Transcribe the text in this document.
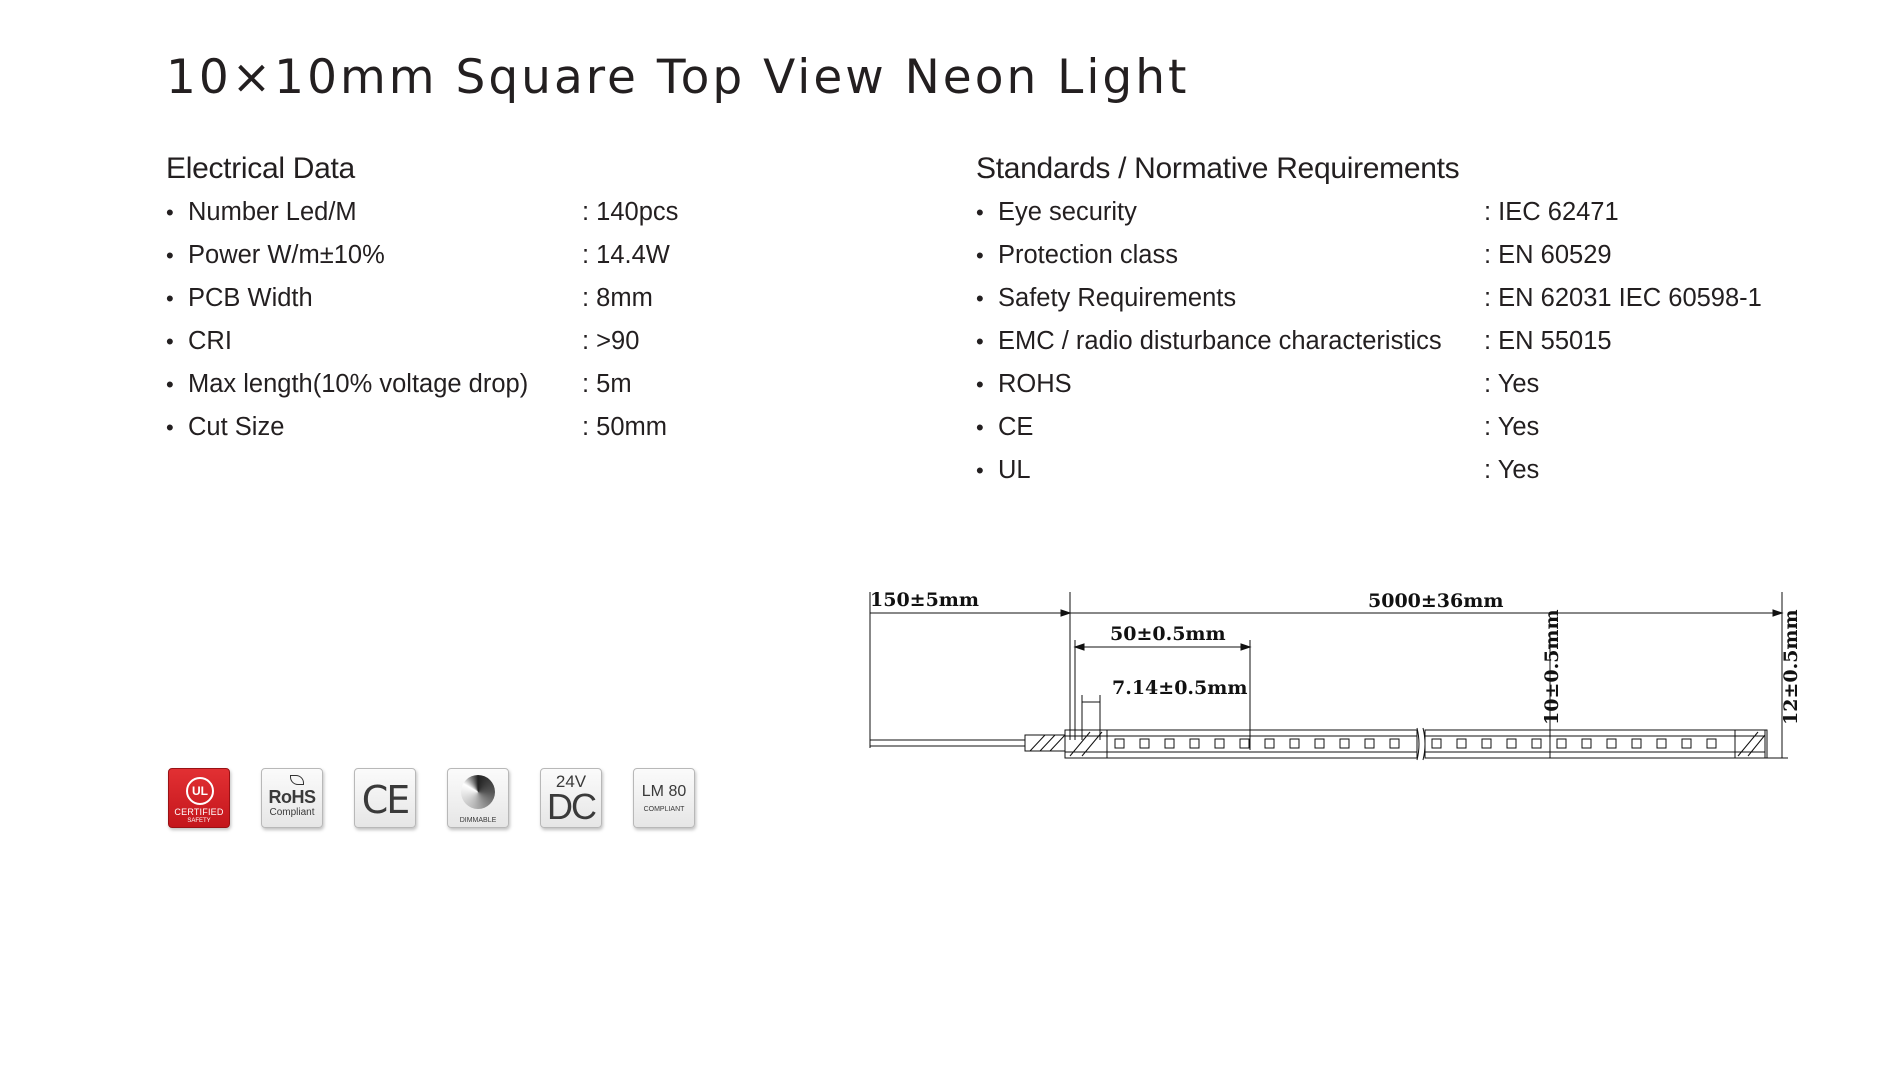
10×10mm Square Top View Neon Light
Electrical Data
• Number Led/M	: 140pcs
• Power W/m±10%	: 14.4W
• PCB Width	: 8mm
• CRI	: >90
• Max length(10% voltage drop)	: 5m
• Cut Size	: 50mm
Standards / Normative Requirements
• Eye security	: IEC 62471
• Protection class	: EN 60529
• Safety Requirements	: EN 62031 IEC 60598-1
• EMC / radio disturbance characteristics	: EN 55015
• ROHS	: Yes
• CE	: Yes
• UL	: Yes
UL
CERTIFIED
SAFETY
RoHS
Compliant CE	DIMMABLE
24V
DC	LM 80
COMPLIANT
150±5mm	5000±36mm
50±0.5mm
7.14±0.5mm	10±0.5mm	12±0.5mm
